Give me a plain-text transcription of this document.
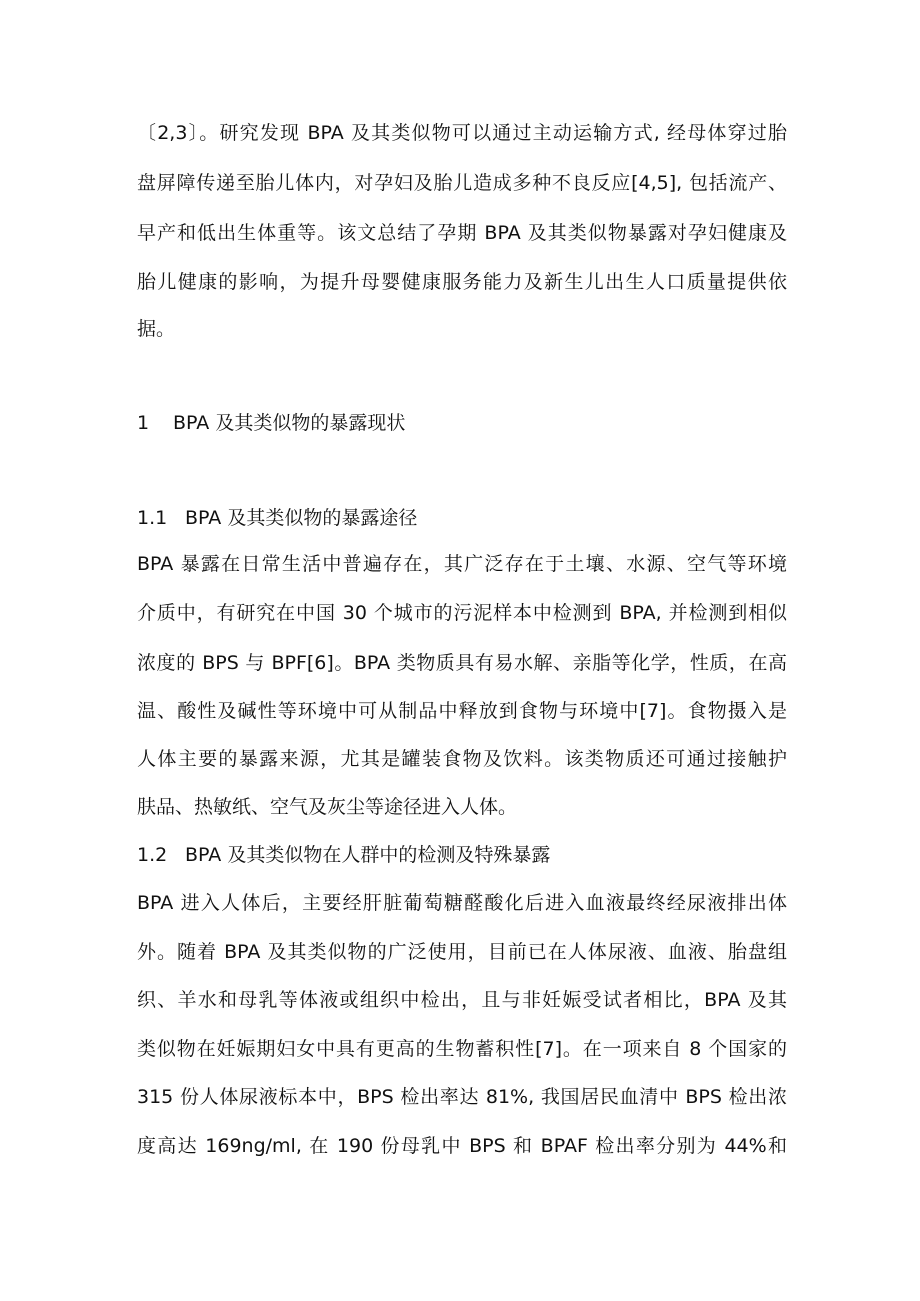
〔2,3〕。研究发现 BPA 及其类似物可以通过主动运输方式, 经母体穿过胎
盘屏障传递至胎儿体内，对孕妇及胎儿造成多种不良反应[4,5], 包括流产、
早产和低出生体重等。该文总结了孕期 BPA 及其类似物暴露对孕妇健康及
胎儿健康的影响，为提升母婴健康服务能力及新生儿出生人口质量提供依
据。
1 BPA 及其类似物的暴露现状
1.1 BPA 及其类似物的暴露途径
BPA 暴露在日常生活中普遍存在，其广泛存在于土壤、水源、空气等环境
介质中，有研究在中国 30 个城市的污泥样本中检测到 BPA, 并检测到相似
浓度的 BPS 与 BPF[6]。BPA 类物质具有易水解、亲脂等化学，性质，在高
温、酸性及碱性等环境中可从制品中释放到食物与环境中[7]。食物摄入是
人体主要的暴露来源，尤其是罐装食物及饮料。该类物质还可通过接触护
肤品、热敏纸、空气及灰尘等途径进入人体。
1.2 BPA 及其类似物在人群中的检测及特殊暴露
BPA 进入人体后，主要经肝脏葡萄糖醛酸化后进入血液最终经尿液排出体
外。随着 BPA 及其类似物的广泛使用，目前已在人体尿液、血液、胎盘组
织、羊水和母乳等体液或组织中检出，且与非妊娠受试者相比，BPA 及其
类似物在妊娠期妇女中具有更高的生物蓄积性[7]。在一项来自 8 个国家的
315 份人体尿液标本中，BPS 检出率达 81%, 我国居民血清中 BPS 检出浓
度高达 169ng/ml, 在 190 份母乳中 BPS 和 BPAF 检出率分别为 44%和
